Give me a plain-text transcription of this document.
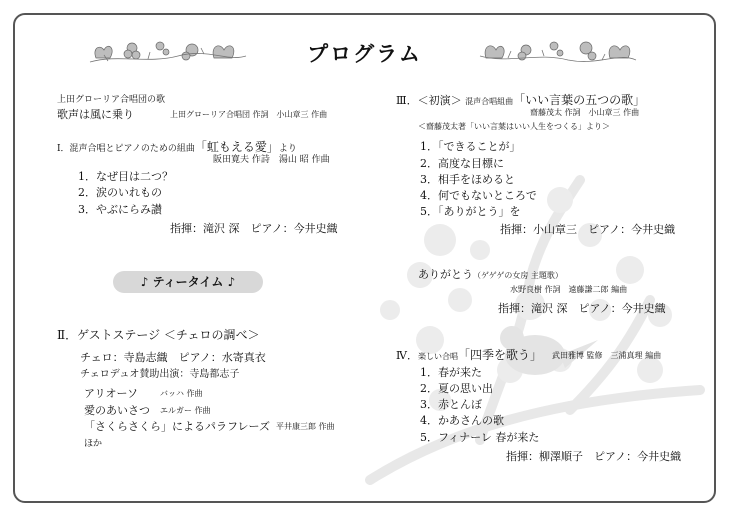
プログラム
上田グローリア合唱団の歌
歌声は風に乗り	上田グローリア合唱団 作詞　小山章三 作曲
Ⅰ．混声合唱とピアノのための組曲「虹もえる愛」より
阪田寛夫 作詩　湯山 昭 作曲
1．なぜ目は二つ？
2．涙のいれもの
3．やぶにらみ讃
指揮：滝沢 深　ピアノ：今井史織
♪ ティータイム ♪
Ⅱ．ゲストステージ ＜チェロの調べ＞
チェロ：寺島志織　ピアノ：水寄真衣
チェロデュオ賛助出演：寺島都志子
アリオーソ	バッハ 作曲
愛のあいさつ エルガー 作曲
「さくらさくら」によるパラフレーズ 平井康三郎 作曲
ほか
Ⅲ．＜初演＞ 混声合唱組曲「いい言葉の五つの歌」
齋藤茂太 作詞　小山章三 作曲
＜齋藤茂太著「いい言葉はいい人生をつくる」より＞
1．「できることが」
2．高度な目標に
3．相手をほめると
4．何でもないところで
5．「ありがとう」を
指揮：小山章三　ピアノ：今井史織
ありがとう（ゲゲゲの女房 主題歌）
水野良樹 作詞　遠藤謙二郎 編曲
指揮：滝沢 深　ピアノ：今井史織
Ⅳ．楽しい合唱「四季を歌う」 武田雅博 監修　三浦真理 編曲
1．春が来た
2．夏の思い出
3．赤とんぼ
4．かあさんの歌
5．フィナーレ 春が来た
指揮：柳澤順子　ピアノ：今井史織
